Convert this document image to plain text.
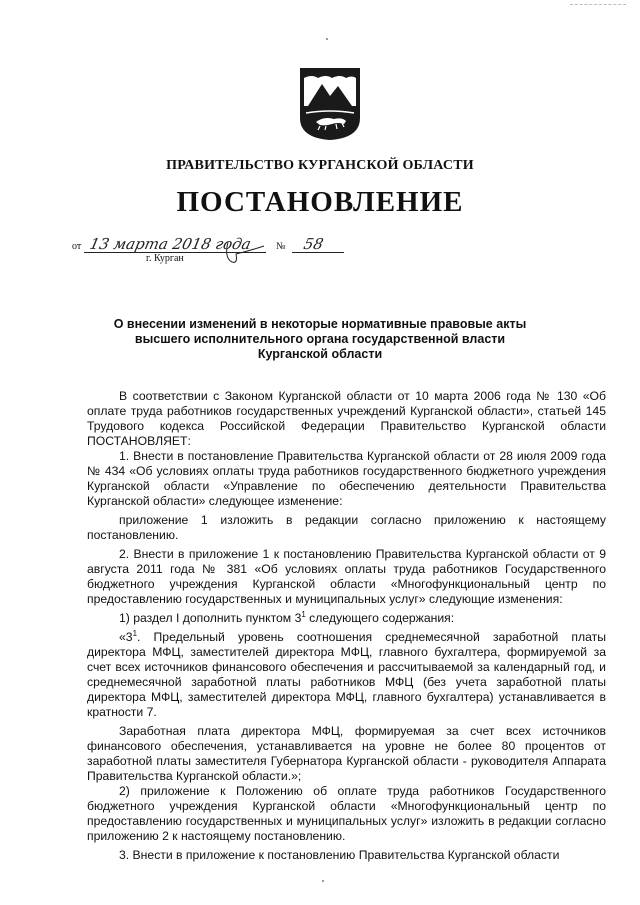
ПРАВИТЕЛЬСТВО КУРГАНСКОЙ ОБЛАСТИ
ПОСТАНОВЛЕНИЕ
от 13 марта 2018 года № 58
г. Курган
О внесении изменений в некоторые нормативные правовые акты
высшего исполнительного органа государственной власти
Курганской области

В соответствии с Законом Курганской области от 10 марта 2006 года № 130 «Об оплате труда работников государственных учреждений Курганской области», статьей 145 Трудового кодекса Российской Федерации Правительство Курганской области ПОСТАНОВЛЯЕТ:

1. Внести в постановление Правительства Курганской области от 28 июля 2009 года № 434 «Об условиях оплаты труда работников государственного бюджетного учреждения Курганской области «Управление по обеспечению деятельности Правительства Курганской области» следующее изменение:

приложение 1 изложить в редакции согласно приложению к настоящему постановлению.

2. Внести в приложение 1 к постановлению Правительства Курганской области от 9 августа 2011 года № 381 «Об условиях оплаты труда работников Государственного бюджетного учреждения Курганской области «Многофункциональный центр по предоставлению государственных и муниципальных услуг» следующие изменения:

1) раздел I дополнить пунктом $3^1$ следующего содержания:

«$3^1$. Предельный уровень соотношения среднемесячной заработной платы директора МФЦ, заместителей директора МФЦ, главного бухгалтера, формируемой за счет всех источников финансового обеспечения и рассчитываемой за календарный год, и среднемесячной заработной платы работников МФЦ (без учета заработной платы директора МФЦ, заместителей директора МФЦ, главного бухгалтера) устанавливается в кратности 7.

Заработная плата директора МФЦ, формируемая за счет всех источников финансового обеспечения, устанавливается на уровне не более 80 процентов от заработной платы заместителя Губернатора Курганской области - руководителя Аппарата Правительства Курганской области.»;

2) приложение к Положению об оплате труда работников Государственного бюджетного учреждения Курганской области «Многофункциональный центр по предоставлению государственных и муниципальных услуг» изложить в редакции согласно приложению 2 к настоящему постановлению.

3. Внести в приложение к постановлению Правительства Курганской области
